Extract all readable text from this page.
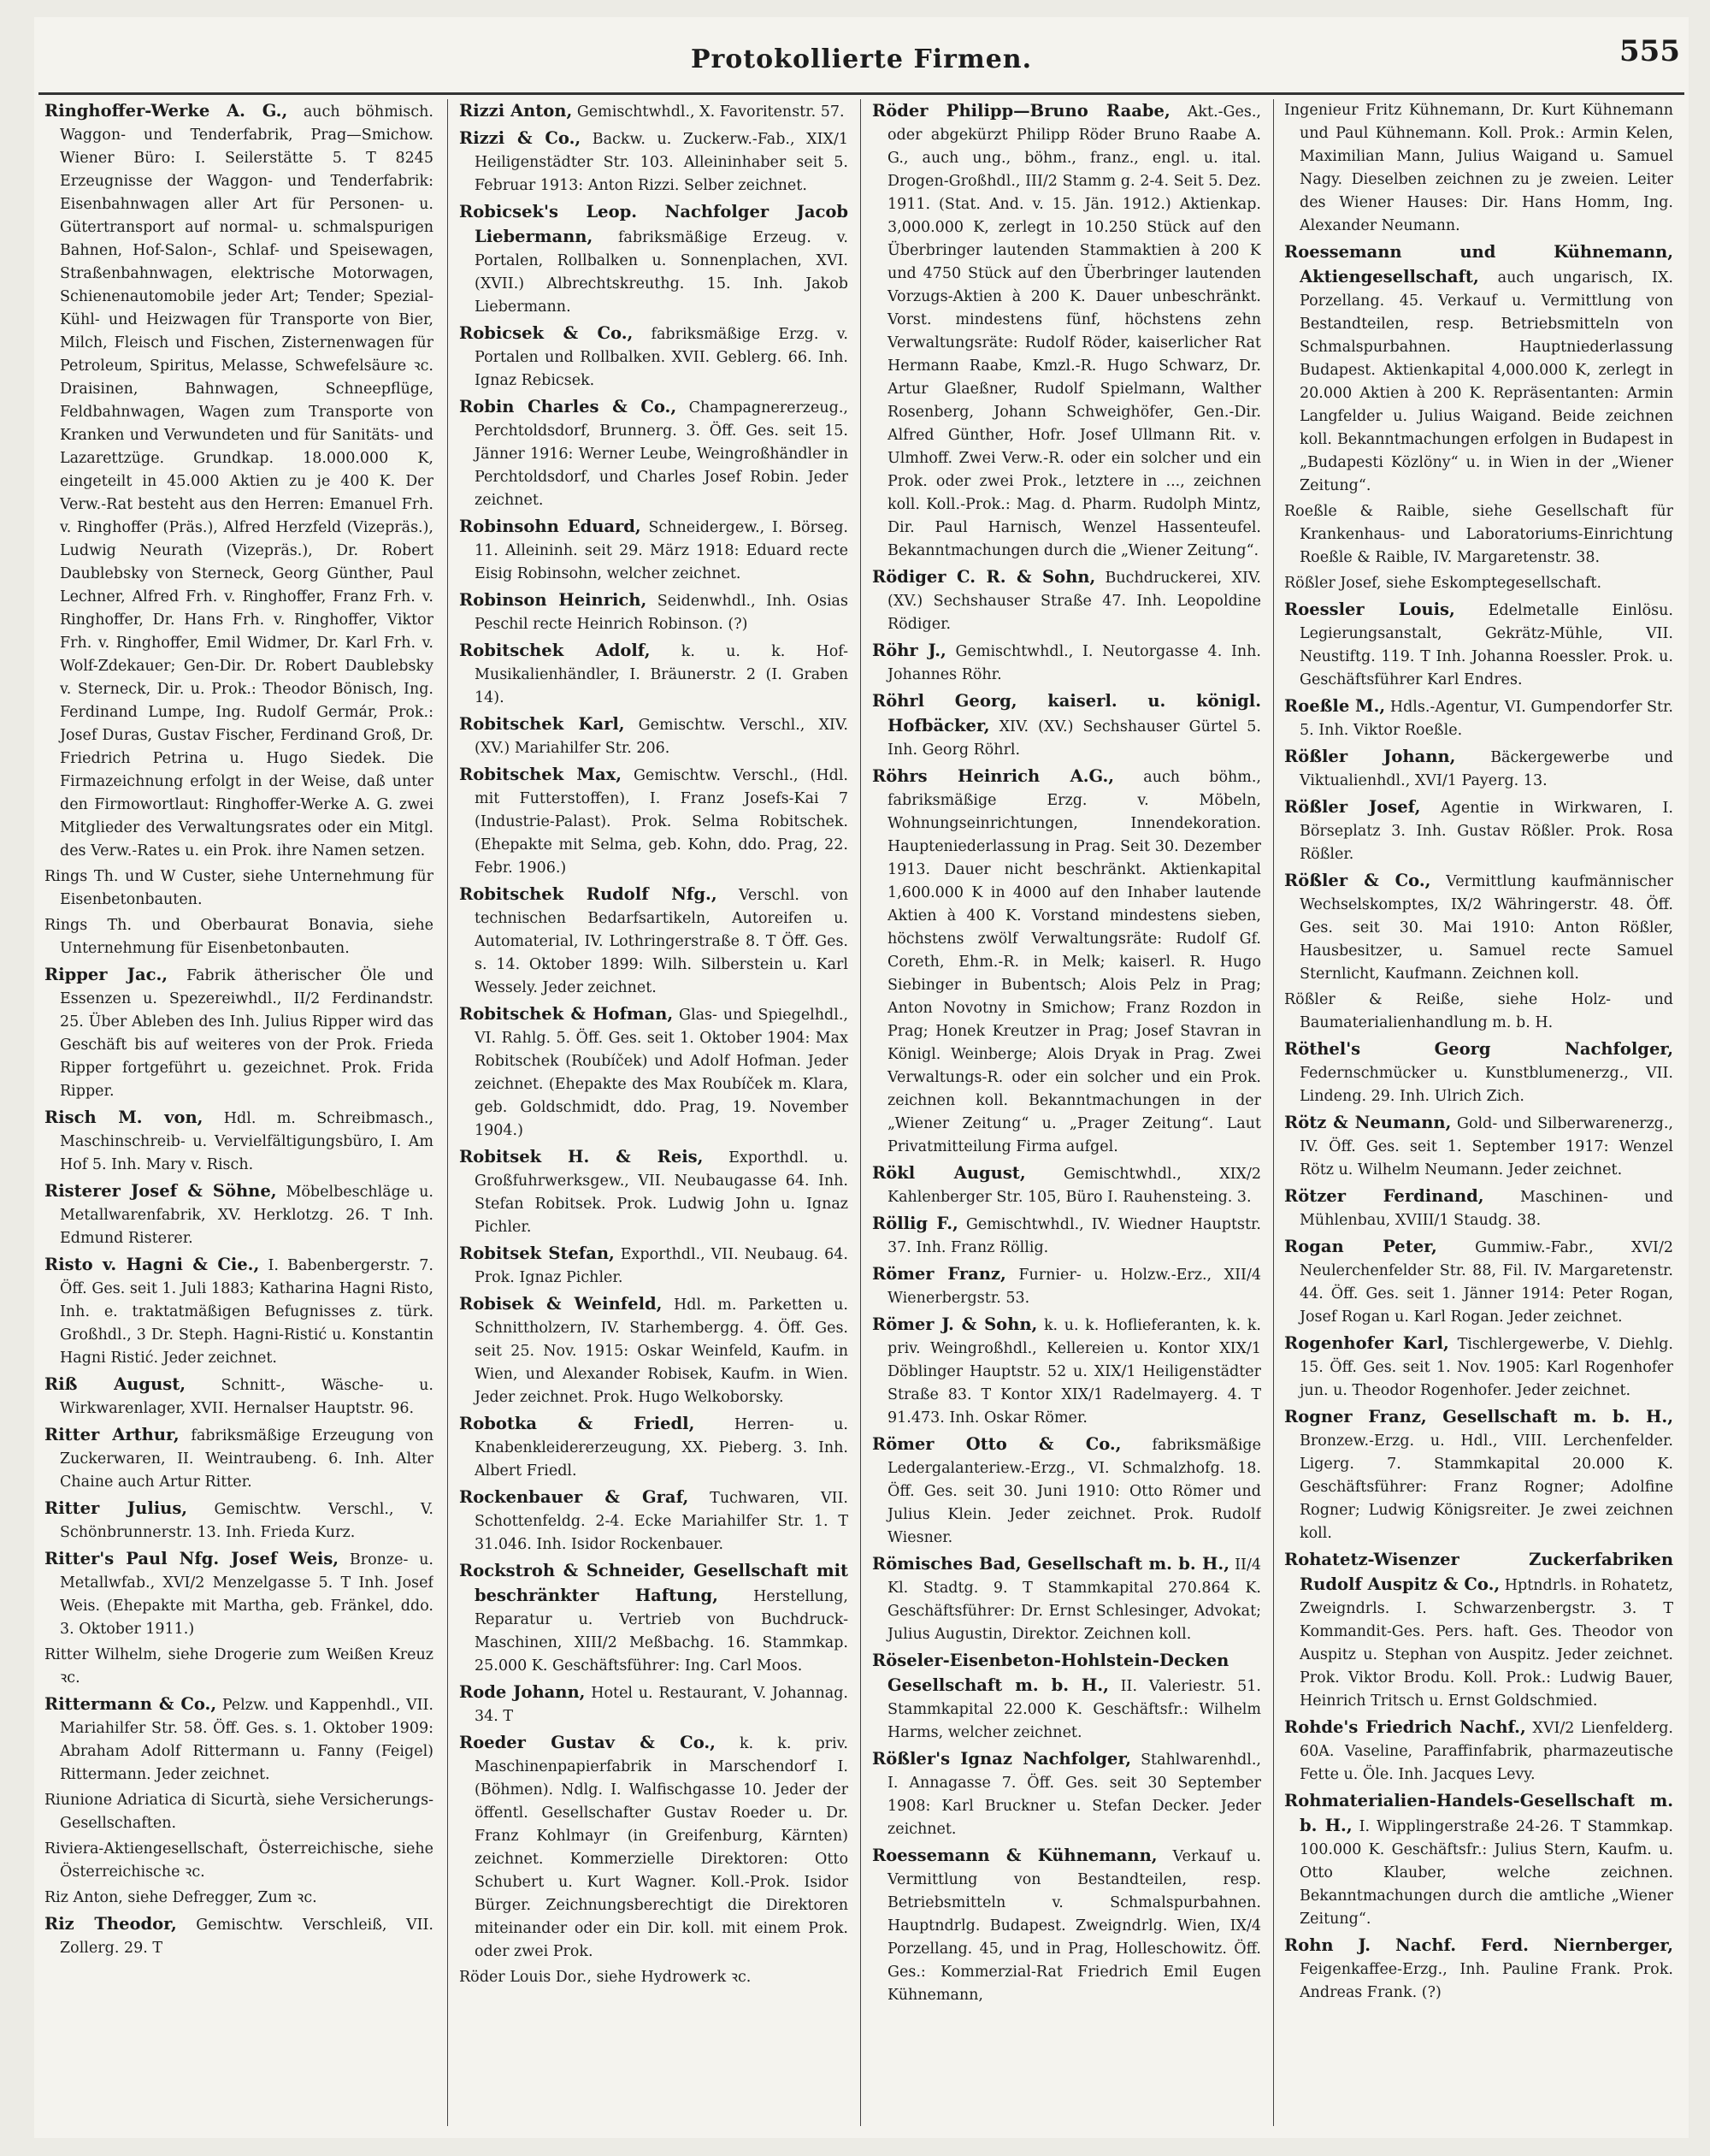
Protokollierte Firmen.	555

Ringhoffer-Werke A. G., auch böhmisch. Waggon- und Tenderfabrik, Prag—Smichow. Wiener Büro: I. Seilerstätte 5. T 8245 Erzeugnisse der Waggon- und Tenderfabrik: Eisenbahnwagen aller Art für Personen- u. Gütertransport auf normal- u. schmalspurigen Bahnen, Hof-Salon-, Schlaf- und Speisewagen, Straßenbahnwagen, elektrische Motorwagen, Schienenautomobile jeder Art; Tender; Spezial-Kühl- und Heizwagen für Transporte von Bier, Milch, Fleisch und Fischen, Zisternenwagen für Petroleum, Spiritus, Melasse, Schwefelsäure ꝛc. Draisinen, Bahnwagen, Schneepflüge, Feldbahnwagen, Wagen zum Transporte von Kranken und Verwundeten und für Sanitäts- und Lazarettzüge. Grundkap. 18.000.000 K, eingeteilt in 45.000 Aktien zu je 400 K. Der Verw.-Rat besteht aus den Herren: Emanuel Frh. v. Ringhoffer (Präs.), Alfred Herzfeld (Vizepräs.), Ludwig Neurath (Vizepräs.), Dr. Robert Daublebsky von Sterneck, Georg Günther, Paul Lechner, Alfred Frh. v. Ringhoffer, Franz Frh. v. Ringhoffer, Dr. Hans Frh. v. Ringhoffer, Viktor Frh. v. Ringhoffer, Emil Widmer, Dr. Karl Frh. v. Wolf-Zdekauer; Gen-Dir. Dr. Robert Daublebsky v. Sterneck, Dir. u. Prok.: Theodor Bönisch, Ing. Ferdinand Lumpe, Ing. Rudolf Germár, Prok.: Josef Duras, Gustav Fischer, Ferdinand Groß, Dr. Friedrich Petrina u. Hugo Siedek. Die Firmazeichnung erfolgt in der Weise, daß unter den Firmowortlaut: Ringhoffer-Werke A. G. zwei Mitglieder des Verwaltungsrates oder ein Mitgl. des Verw.-Rates u. ein Prok. ihre Namen setzen.

Rings Th. und W Custer, siehe Unternehmung für Eisenbetonbauten.

Rings Th. und Oberbaurat Bonavia, siehe Unternehmung für Eisenbetonbauten.

Ripper Jac., Fabrik ätherischer Öle und Essenzen u. Spezereiwhdl., II/2 Ferdinandstr. 25. Über Ableben des Inh. Julius Ripper wird das Geschäft bis auf weiteres von der Prok. Frieda Ripper fortgeführt u. gezeichnet. Prok. Frida Ripper.

Risch M. von, Hdl. m. Schreibmasch., Maschinschreib- u. Vervielfältigungsbüro, I. Am Hof 5. Inh. Mary v. Risch.

Risterer Josef & Söhne, Möbelbeschläge u. Metallwarenfabrik, XV. Herklotzg. 26. T Inh. Edmund Risterer.

Risto v. Hagni & Cie., I. Babenbergerstr. 7. Öff. Ges. seit 1. Juli 1883; Katharina Hagni Risto, Inh. e. traktatmäßigen Befugnisses z. türk. Großhdl., 3 Dr. Steph. Hagni-Ristić u. Konstantin Hagni Ristić. Jeder zeichnet.

Riß August, Schnitt-, Wäsche- u. Wirkwarenlager, XVII. Hernalser Hauptstr. 96.

Ritter Arthur, fabriksmäßige Erzeugung von Zuckerwaren, II. Weintraubeng. 6. Inh. Alter Chaine auch Artur Ritter.

Ritter Julius, Gemischtw. Verschl., V. Schönbrunnerstr. 13. Inh. Frieda Kurz.

Ritter's Paul Nfg. Josef Weis, Bronze- u. Metallwfab., XVI/2 Menzelgasse 5. T Inh. Josef Weis. (Ehepakte mit Martha, geb. Fränkel, ddo. 3. Oktober 1911.)

Ritter Wilhelm, siehe Drogerie zum Weißen Kreuz ꝛc.

Rittermann & Co., Pelzw. und Kappenhdl., VII. Mariahilfer Str. 58. Öff. Ges. s. 1. Oktober 1909: Abraham Adolf Rittermann u. Fanny (Feigel) Rittermann. Jeder zeichnet.

Riunione Adriatica di Sicurtà, siehe Versicherungs-Gesellschaften.

Riviera-Aktiengesellschaft, Österreichische, siehe Österreichische ꝛc.

Riz Anton, siehe Defregger, Zum ꝛc.

Riz Theodor, Gemischtw. Verschleiß, VII. Zollerg. 29. T

Rizzi Anton, Gemischtwhdl., X. Favoritenstr. 57.

Rizzi & Co., Backw. u. Zuckerw.-Fab., XIX/1 Heiligenstädter Str. 103. Alleininhaber seit 5. Februar 1913: Anton Rizzi. Selber zeichnet.

Robicsek's Leop. Nachfolger Jacob Liebermann, fabriksmäßige Erzeug. v. Portalen, Rollbalken u. Sonnenplachen, XVI. (XVII.) Albrechtskreuthg. 15. Inh. Jakob Liebermann.

Robicsek & Co., fabriksmäßige Erzg. v. Portalen und Rollbalken. XVII. Geblerg. 66. Inh. Ignaz Rebicsek.

Robin Charles & Co., Champagnererzeug., Perchtoldsdorf, Brunnerg. 3. Öff. Ges. seit 15. Jänner 1916: Werner Leube, Weingroßhändler in Perchtoldsdorf, und Charles Josef Robin. Jeder zeichnet.

Robinsohn Eduard, Schneidergew., I. Börseg. 11. Alleininh. seit 29. März 1918: Eduard recte Eisig Robinsohn, welcher zeichnet.

Robinson Heinrich, Seidenwhdl., Inh. Osias Peschil recte Heinrich Robinson. (?)

Robitschek Adolf, k. u. k. Hof-Musikalienhändler, I. Bräunerstr. 2 (I. Graben 14).

Robitschek Karl, Gemischtw. Verschl., XIV. (XV.) Mariahilfer Str. 206.

Robitschek Max, Gemischtw. Verschl., (Hdl. mit Futterstoffen), I. Franz Josefs-Kai 7 (Industrie-Palast). Prok. Selma Robitschek. (Ehepakte mit Selma, geb. Kohn, ddo. Prag, 22. Febr. 1906.)

Robitschek Rudolf Nfg., Verschl. von technischen Bedarfsartikeln, Autoreifen u. Automaterial, IV. Lothringerstraße 8. T Öff. Ges. s. 14. Oktober 1899: Wilh. Silberstein u. Karl Wessely. Jeder zeichnet.

Robitschek & Hofman, Glas- und Spiegelhdl., VI. Rahlg. 5. Öff. Ges. seit 1. Oktober 1904: Max Robitschek (Roubíček) und Adolf Hofman. Jeder zeichnet. (Ehepakte des Max Roubíček m. Klara, geb. Goldschmidt, ddo. Prag, 19. November 1904.)

Robitsek H. & Reis, Exporthdl. u. Großfuhrwerksgew., VII. Neubaugasse 64. Inh. Stefan Robitsek. Prok. Ludwig John u. Ignaz Pichler.

Robitsek Stefan, Exporthdl., VII. Neubaug. 64. Prok. Ignaz Pichler.

Robisek & Weinfeld, Hdl. m. Parketten u. Schnittholzern, IV. Starhembergg. 4. Öff. Ges. seit 25. Nov. 1915: Oskar Weinfeld, Kaufm. in Wien, und Alexander Robisek, Kaufm. in Wien. Jeder zeichnet. Prok. Hugo Welkoborsky.

Robotka & Friedl,	Herren- u. Knabenkleidererzeugung, XX. Pieberg. 3. Inh. Albert Friedl.

Rockenbauer & Graf, Tuchwaren, VII. Schottenfeldg. 2-4. Ecke Mariahilfer Str. 1. T 31.046. Inh. Isidor Rockenbauer.

Rockstroh & Schneider, Gesellschaft mit beschränkter Haftung, Herstellung, Reparatur u. Vertrieb von Buchdruck-Maschinen, XIII/2 Meßbachg. 16. Stammkap. 25.000 K. Geschäftsführer: Ing. Carl Moos.

Rode Johann, Hotel u. Restaurant, V. Johannag. 34. T

Roeder Gustav & Co., k. k. priv. Maschinenpapierfabrik in Marschendorf I. (Böhmen). Ndlg. I. Walfischgasse 10. Jeder der öffentl. Gesellschafter Gustav Roeder u. Dr. Franz Kohlmayr (in Greifenburg, Kärnten) zeichnet. Kommerzielle Direktoren: Otto Schubert u. Kurt Wagner. Koll.-Prok. Isidor Bürger. Zeichnungsberechtigt die Direktoren miteinander oder ein Dir. koll. mit einem Prok. oder zwei Prok.

Röder Louis Dor., siehe Hydrowerk ꝛc.

Röder Philipp—Bruno Raabe, Akt.-Ges., oder abgekürzt Philipp Röder Bruno Raabe A. G., auch ung., böhm., franz., engl. u. ital. Drogen-Großhdl., III/2 Stamm g. 2-4. Seit 5. Dez. 1911. (Stat. And. v. 15. Jän. 1912.) Aktienkap. 3,000.000 K, zerlegt in 10.250 Stück auf den Überbringer lautenden Stammaktien à 200 K und 4750 Stück auf den Überbringer lautenden Vorzugs-Aktien à 200 K. Dauer unbeschränkt. Vorst. mindestens fünf, höchstens zehn Verwaltungsräte: Rudolf Röder, kaiserlicher Rat Hermann Raabe, Kmzl.-R. Hugo Schwarz, Dr. Artur Glaeßner, Rudolf Spielmann, Walther Rosenberg, Johann Schweighöfer, Gen.-Dir. Alfred Günther, Hofr. Josef Ullmann Rit. v. Ulmhoff. Zwei Verw.-R. oder ein solcher und ein Prok. oder zwei Prok., letztere in ..., zeichnen koll. Koll.-Prok.: Mag. d. Pharm. Rudolph Mintz, Dir. Paul Harnisch, Wenzel Hassenteufel. Bekanntmachungen durch die „Wiener Zeitung“.

Rödiger C. R. & Sohn, Buchdruckerei, XIV. (XV.) Sechshauser Straße 47. Inh. Leopoldine Rödiger.

Röhr J., Gemischtwhdl., I. Neutorgasse 4. Inh. Johannes Röhr.

Röhrl Georg, kaiserl. u. königl. Hofbäcker, XIV. (XV.) Sechshauser Gürtel 5. Inh. Georg Röhrl.

Röhrs Heinrich A.G., auch böhm., fabriksmäßige Erzg. v. Möbeln, Wohnungseinrichtungen, Innendekoration. Haupteniederlassung in Prag. Seit 30. Dezember 1913. Dauer nicht beschränkt. Aktienkapital 1,600.000 K in 4000 auf den Inhaber lautende Aktien à 400 K. Vorstand mindestens sieben, höchstens zwölf Verwaltungsräte: Rudolf Gf. Coreth, Ehm.-R. in Melk; kaiserl. R. Hugo Siebinger in Bubentsch; Alois Pelz in Prag; Anton Novotny in Smichow; Franz Rozdon in Prag; Honek Kreutzer in Prag; Josef Stavran in Königl. Weinberge; Alois Dryak in Prag. Zwei Verwaltungs-R. oder ein solcher und ein Prok. zeichnen koll. Bekanntmachungen in der „Wiener Zeitung“ u. „Prager Zeitung“. Laut Privatmitteilung Firma aufgel.

Rökl August,	Gemischtwhdl., XIX/2 Kahlenberger Str. 105, Büro I. Rauhensteing. 3.

Röllig F., Gemischtwhdl., IV. Wiedner Hauptstr. 37. Inh. Franz Röllig.

Römer Franz, Furnier- u. Holzw.-Erz., XII/4 Wienerbergstr. 53.

Römer J. & Sohn, k. u. k. Hoflieferanten, k. k. priv. Weingroßhdl., Kellereien u. Kontor XIX/1 Döblinger Hauptstr. 52 u. XIX/1 Heiligenstädter Straße 83. T Kontor XIX/1 Radelmayerg. 4. T 91.473. Inh. Oskar Römer.

Römer Otto & Co., fabriksmäßige Ledergalanteriew.-Erzg., VI. Schmalzhofg. 18. Öff. Ges. seit 30. Juni 1910: Otto Römer und Julius Klein. Jeder zeichnet. Prok. Rudolf Wiesner.

Römisches Bad, Gesellschaft m. b. H., II/4 Kl. Stadtg. 9. T Stammkapital 270.864 K. Geschäftsführer: Dr. Ernst Schlesinger, Advokat; Julius Augustin, Direktor. Zeichnen koll.

Röseler-Eisenbeton-Hohlstein-Decken Gesellschaft m. b. H., II. Valeriestr. 51. Stammkapital 22.000 K. Geschäftsfr.: Wilhelm Harms, welcher zeichnet.

Rößler's Ignaz Nachfolger, Stahlwarenhdl., I. Annagasse 7. Öff. Ges. seit 30 September 1908: Karl Bruckner u. Stefan Decker. Jeder zeichnet.

Roessemann & Kühnemann, Verkauf u. Vermittlung von Bestandteilen, resp. Betriebsmitteln v. Schmalspurbahnen. Hauptndrlg. Budapest. Zweigndrlg. Wien, IX/4 Porzellang. 45, und in Prag, Holleschowitz. Öff. Ges.: Kommerzial-Rat Friedrich Emil Eugen Kühnemann,

Ingenieur Fritz Kühnemann, Dr. Kurt Kühnemann und Paul Kühnemann. Koll. Prok.: Armin Kelen, Maximilian Mann, Julius Waigand u. Samuel Nagy. Dieselben zeichnen zu je zweien. Leiter des Wiener Hauses: Dir. Hans Homm, Ing. Alexander Neumann.

Roessemann und Kühnemann, Aktiengesellschaft, auch ungarisch, IX. Porzellang. 45. Verkauf u. Vermittlung von Bestandteilen, resp. Betriebsmitteln von Schmalspurbahnen. Hauptniederlassung Budapest. Aktienkapital 4,000.000 K, zerlegt in 20.000 Aktien à 200 K. Repräsentanten: Armin Langfelder u. Julius Waigand. Beide zeichnen koll. Bekanntmachungen erfolgen in Budapest in „Budapesti Közlöny“ u. in Wien in der „Wiener Zeitung“.

Roeßle & Raible, siehe Gesellschaft für Krankenhaus- und Laboratoriums-Einrichtung Roeßle & Raible, IV. Margaretenstr. 38.

Rößler Josef, siehe Eskomptegesellschaft.

Roessler Louis, Edelmetalle Einlösu. Legierungsanstalt, Gekrätz-Mühle, VII. Neustiftg. 119. T Inh. Johanna Roessler. Prok. u. Geschäftsführer Karl Endres.

Roeßle M., Hdls.-Agentur, VI. Gumpendorfer Str. 5. Inh. Viktor Roeßle.

Rößler Johann, Bäckergewerbe und Viktualienhdl., XVI/1 Payerg. 13.

Rößler Josef, Agentie in Wirkwaren, I. Börseplatz 3. Inh. Gustav Rößler. Prok. Rosa Rößler.

Rößler & Co., Vermittlung kaufmännischer Wechselskomptes, IX/2 Währingerstr. 48. Öff. Ges. seit 30. Mai 1910: Anton Rößler, Hausbesitzer, u. Samuel recte Samuel Sternlicht, Kaufmann. Zeichnen koll.

Rößler & Reiße, siehe Holz- und Baumaterialienhandlung m. b. H.

Röthel's Georg Nachfolger, Federnschmücker u. Kunstblumenerzg., VII. Lindeng. 29. Inh. Ulrich Zich.

Rötz & Neumann, Gold- und Silberwarenerzg., IV. Öff. Ges. seit 1. September 1917: Wenzel Rötz u. Wilhelm Neumann. Jeder zeichnet.

Rötzer Ferdinand, Maschinen- und Mühlenbau, XVIII/1 Staudg. 38.

Rogan Peter,	Gummiw.-Fabr., XVI/2 Neulerchenfelder Str. 88, Fil. IV. Margaretenstr. 44. Öff. Ges. seit 1. Jänner 1914: Peter Rogan, Josef Rogan u. Karl Rogan. Jeder zeichnet.

Rogenhofer Karl, Tischlergewerbe, V. Diehlg. 15. Öff. Ges. seit 1. Nov. 1905: Karl Rogenhofer jun. u. Theodor Rogenhofer. Jeder zeichnet.

Rogner Franz, Gesellschaft m. b. H., Bronzew.-Erzg. u. Hdl., VIII. Lerchenfelder. Ligerg. 7. Stammkapital 20.000 K. Geschäftsführer: Franz Rogner; Adolfine Rogner; Ludwig Königsreiter. Je zwei zeichnen koll.

Rohatetz-Wisenzer Zuckerfabriken Rudolf Auspitz & Co., Hptndrls. in Rohatetz, Zweigndrls. I. Schwarzenbergstr. 3. T Kommandit-Ges. Pers. haft. Ges. Theodor von Auspitz u. Stephan von Auspitz. Jeder zeichnet. Prok. Viktor Brodu. Koll. Prok.: Ludwig Bauer, Heinrich Tritsch u. Ernst Goldschmied.

Rohde's Friedrich Nachf., XVI/2 Lienfelderg. 60A. Vaseline, Paraffinfabrik, pharmazeutische Fette u. Öle. Inh. Jacques Levy.

Rohmaterialien-Handels-Gesellschaft m. b. H., I. Wipplingerstraße 24-26. T Stammkap. 100.000 K. Geschäftsfr.: Julius Stern, Kaufm. u. Otto Klauber, welche zeichnen. Bekanntmachungen durch die amtliche „Wiener Zeitung“.

Rohn J. Nachf. Ferd. Niernberger, Feigenkaffee-Erzg., Inh. Pauline Frank. Prok. Andreas Frank. (?)
